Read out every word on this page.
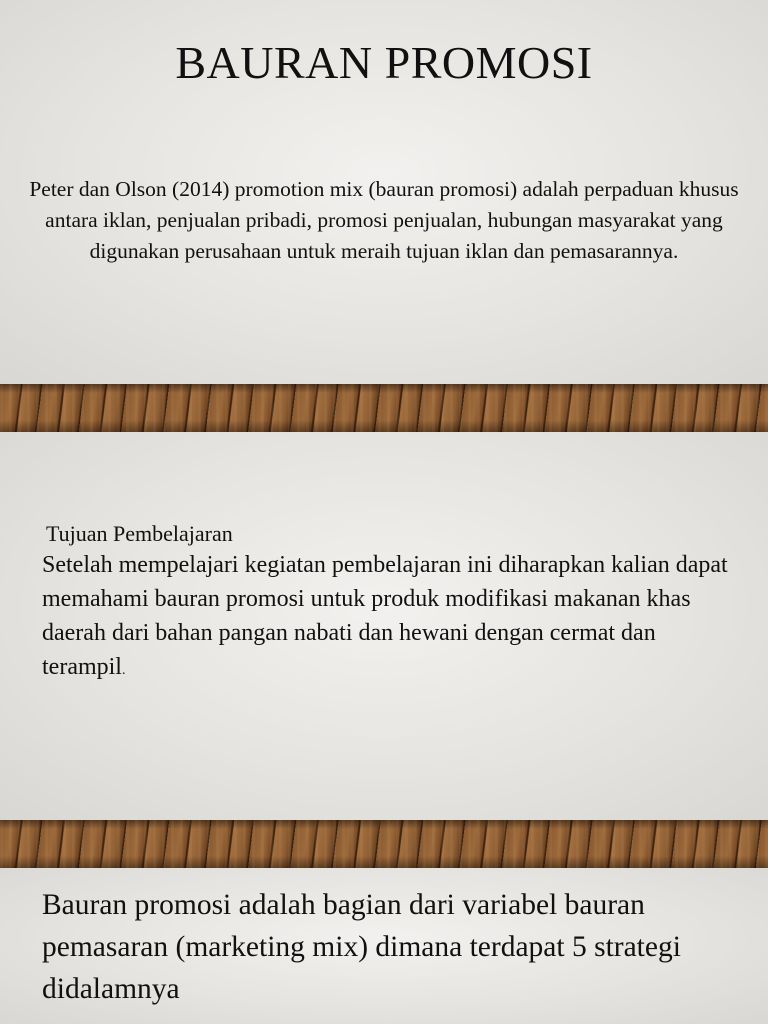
BAURAN PROMOSI

Peter dan Olson (2014) promotion mix (bauran promosi) adalah perpaduan khusus antara iklan, penjualan pribadi, promosi penjualan, hubungan masyarakat yang digunakan perusahaan untuk meraih tujuan iklan dan pemasarannya.

Tujuan Pembelajaran
Setelah mempelajari kegiatan pembelajaran ini diharapkan kalian dapat memahami bauran promosi untuk produk modifikasi makanan khas daerah dari bahan pangan nabati dan hewani dengan cermat dan terampil.

Bauran promosi adalah bagian dari variabel bauran pemasaran (marketing mix) dimana terdapat 5 strategi didalamnya
